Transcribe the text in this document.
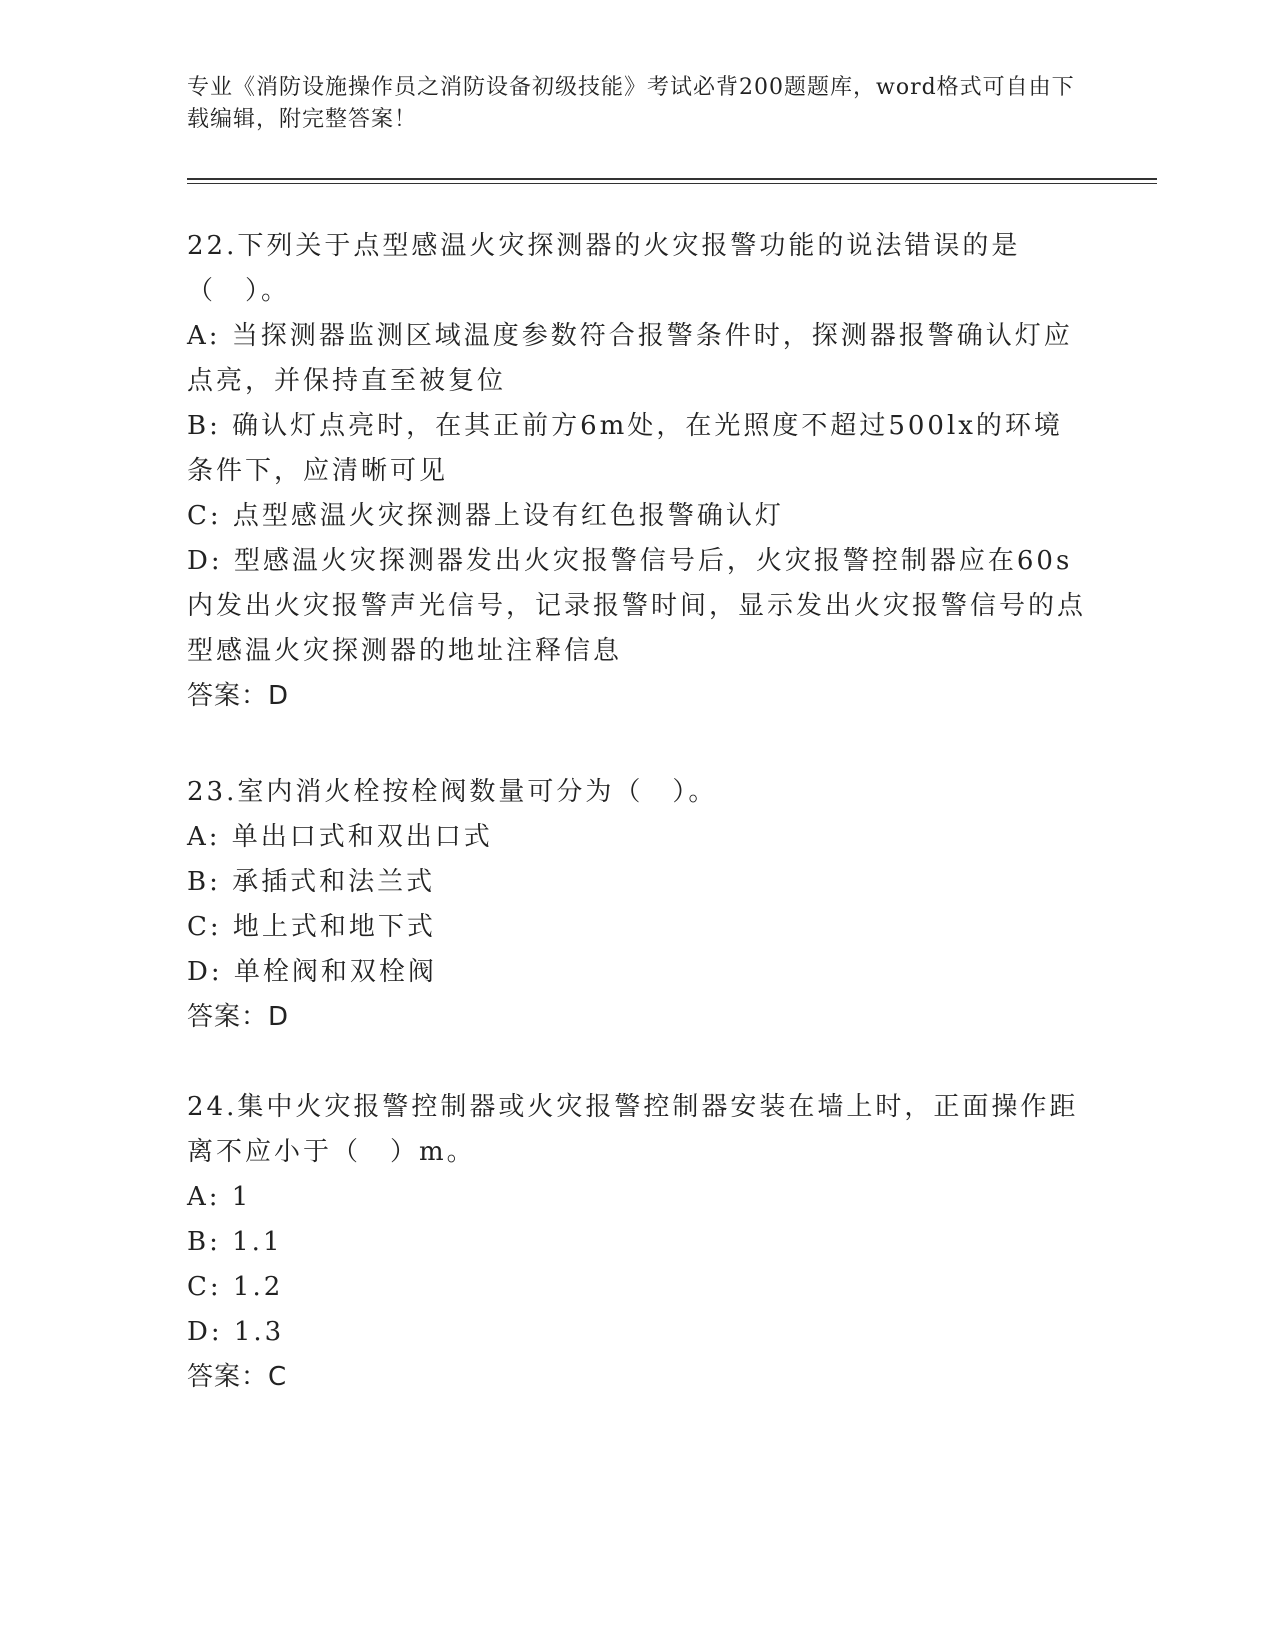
专业《消防设施操作员之消防设备初级技能》考试必背200题题库，word格式可自由下载编辑，附完整答案！
22.下列关于点型感温火灾探测器的火灾报警功能的说法错误的是（　）。
A: 当探测器监测区域温度参数符合报警条件时，探测器报警确认灯应点亮，并保持直至被复位
B: 确认灯点亮时，在其正前方6m处，在光照度不超过500lx的环境条件下，应清晰可见
C: 点型感温火灾探测器上设有红色报警确认灯
D: 型感温火灾探测器发出火灾报警信号后，火灾报警控制器应在60s内发出火灾报警声光信号，记录报警时间，显示发出火灾报警信号的点型感温火灾探测器的地址注释信息
答案：D
23.室内消火栓按栓阀数量可分为（　）。
A: 单出口式和双出口式
B: 承插式和法兰式
C: 地上式和地下式
D: 单栓阀和双栓阀
答案：D
24.集中火灾报警控制器或火灾报警控制器安装在墙上时，正面操作距离不应小于（　）m。
A: 1
B: 1.1
C: 1.2
D: 1.3
答案：C
